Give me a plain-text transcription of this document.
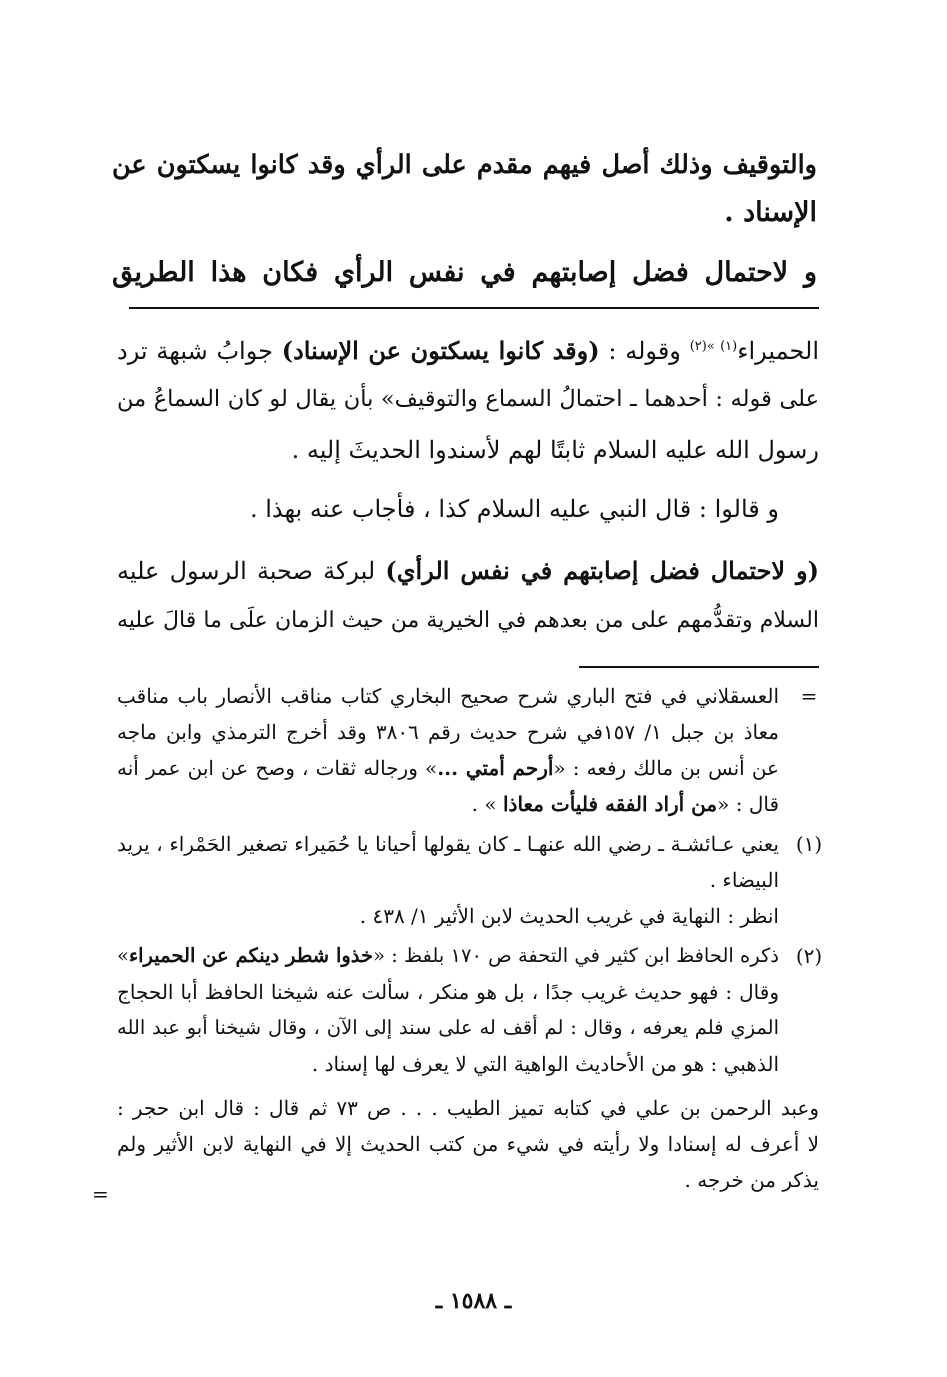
والتوقيف وذلك أصل فيهم مقدم على الرأي وقد كانوا يسكتون عن
الإسناد .
و لاحتمال فضل إصابتهم في نفس الرأي فكان هذا الطريق
الحميراء$^{(١) »(٢)}$ وقوله : (وقد كانوا يسكتون عن الإسناد) جوابُ شبهة ترد
على قوله : أحدهما ـ احتمالُ السماع والتوقيف» بأن يقال لو كان السماعُ من
رسول الله عليه السلام ثابتًا لهم لأسندوا الحديثَ إليه .
و قالوا : قال النبي عليه السلام كذا ، فأجاب عنه بهذا .
(و لاحتمال فضل إصابتهم في نفس الرأي) لبركة صحبة الرسول عليه
السلام وتقدُّمهم على من بعدهم في الخيرية من حيث الزمان علَى ما قالَ عليه
=
العسقلاني في فتح الباري شرح صحيح البخاري كتاب مناقب الأنصار باب مناقب
معاذ بن جبل ١/ ١٥٧في شرح حديث رقم ٣٨٠٦ وقد أخرج الترمذي وابن ماجه
عن أنس بن مالك رفعه : «أرحم أمتي ...» ورجاله ثقات ، وصح عن ابن عمر أنه
قال : «من أراد الفقه فليأت معاذا » .
(١)
يعني عـائشـة ـ رضي الله عنهـا ـ كان يقولها أحيانا يا حُمَيراء تصغير الحَمْراء ، يريد
البيضاء .
انظر : النهاية في غريب الحديث لابن الأثير ١/ ٤٣٨ .
(٢)
ذكره الحافظ ابن كثير في التحفة ص ١٧٠ بلفظ : «خذوا شطر دينكم عن الحميراء»
وقال : فهو حديث غريب جدًا ، بل هو منكر ، سألت عنه شيخنا الحافظ أبا الحجاج
المزي فلم يعرفه ، وقال : لم أقف له على سند إلى الآن ، وقال شيخنا أبو عبد الله
الذهبي : هو من الأحاديث الواهية التي لا يعرف لها إسناد .
وعبد الرحمن بن علي في كتابه تميز الطيب . . . ص ٧٣ ثم قال : قال ابن حجر :
لا أعرف له إسنادا ولا رأيته في شيء من كتب الحديث إلا في النهاية لابن الأثير ولم
يذكر من خرجه .
=
ـ ١٥٨٨ ـ
